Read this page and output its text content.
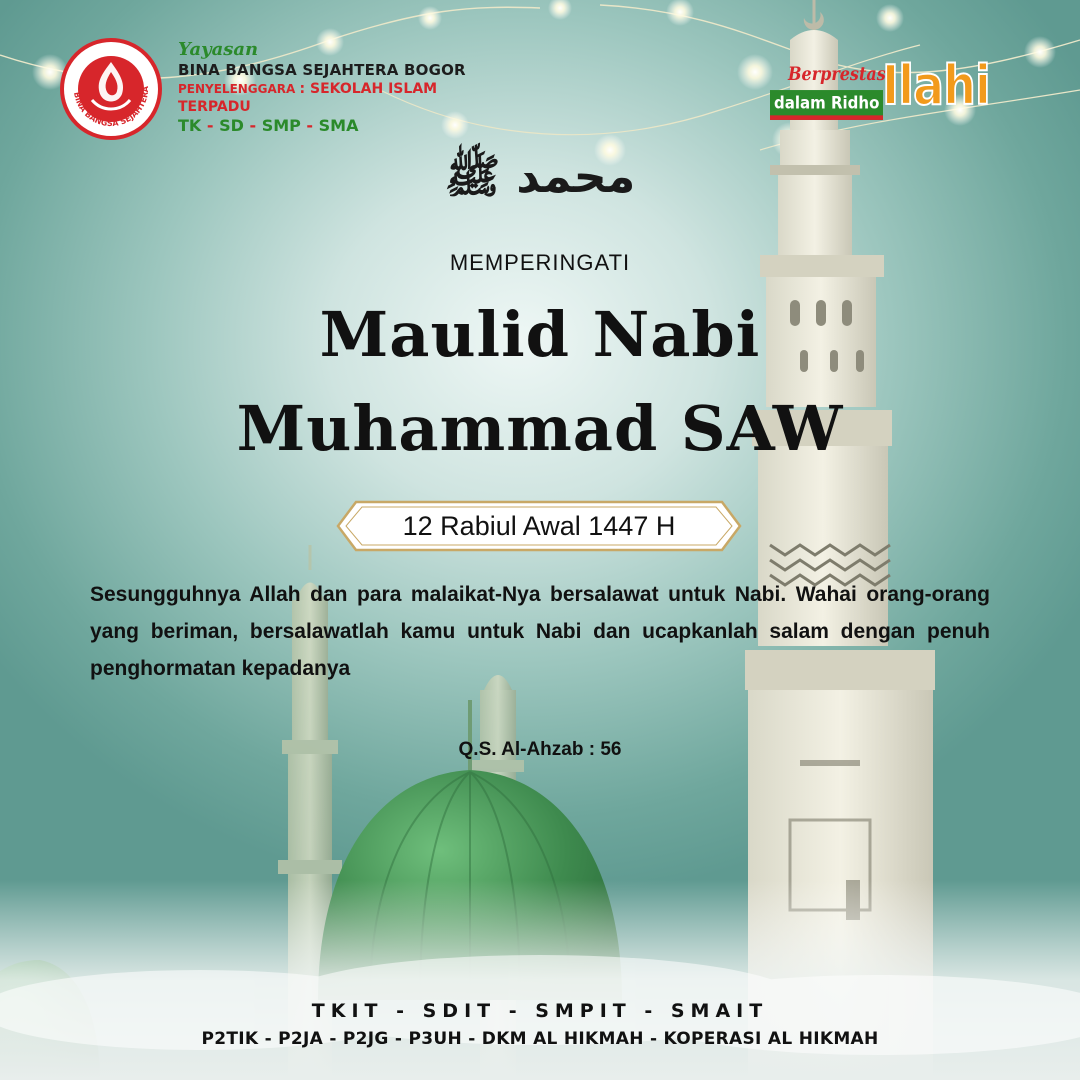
BINA BANGSA SEJAHTERA
Yayasan
BINA BANGSA SEJAHTERA BOGOR
PENYELENGGARA : SEKOLAH ISLAM TERPADU
TK - SD - SMP - SMA
Berprestasi
dalam Ridho Ilahi
محمد ﷺ
MEMPERINGATI
Maulid Nabi
Muhammad SAW
12 Rabiul Awal 1447 H
Sesungguhnya Allah dan para malaikat-Nya bersalawat untuk Nabi. Wahai orang-orang yang beriman, bersalawatlah kamu untuk Nabi dan ucapkanlah salam dengan penuh penghormatan kepadanya
Q.S. Al-Ahzab : 56
TKIT - SDIT - SMPIT - SMAIT
P2TIK - P2JA - P2JG - P3UH - DKM AL HIKMAH - KOPERASI AL HIKMAH
